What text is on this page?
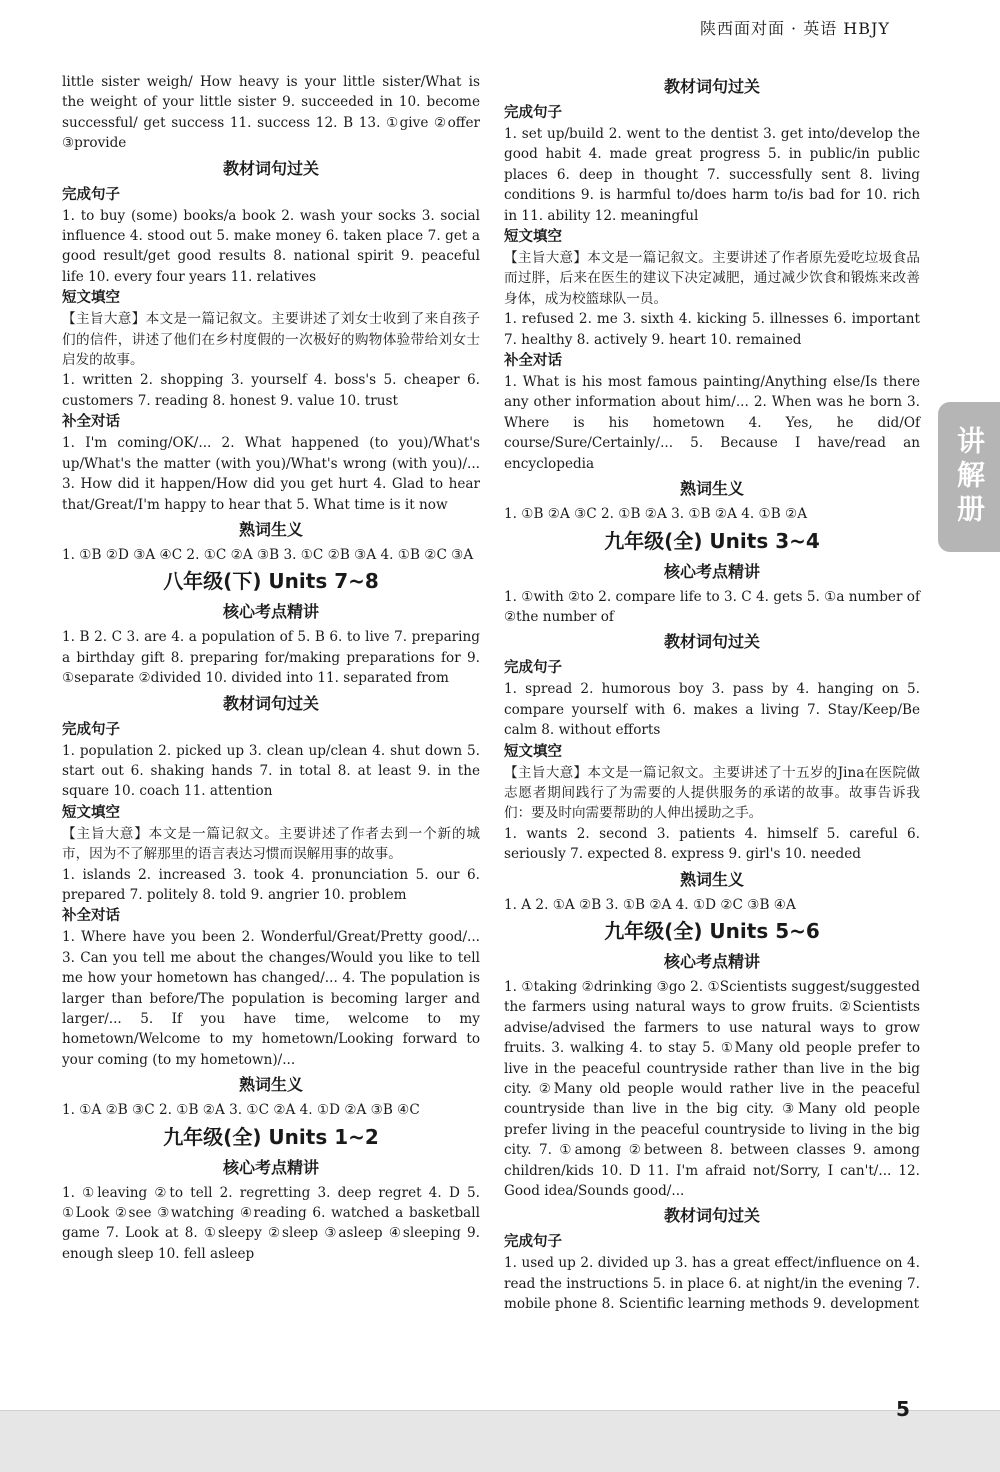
陕西面对面 · 英语 HBJY
讲解册
little sister weigh/ How heavy is your little sister/What is the weight of your little sister 9. succeeded in 10. become successful/ get success 11. success 12. B 13. ①give ②offer ③provide
教材词句过关
完成句子
1. to buy (some) books/a book 2. wash your socks 3. social influence 4. stood out 5. make money 6. taken place 7. get a good result/get good results 8. national spirit 9. peaceful life 10. every four years 11. relatives
短文填空
【主旨大意】本文是一篇记叙文。主要讲述了刘女士收到了来自孩子们的信件，讲述了他们在乡村度假的一次极好的购物体验带给刘女士启发的故事。
1. written 2. shopping 3. yourself 4. boss's 5. cheaper 6. customers 7. reading 8. honest 9. value 10. trust
补全对话
1. I'm coming/OK/... 2. What happened (to you)/What's up/What's the matter (with you)/What's wrong (with you)/... 3. How did it happen/How did you get hurt 4. Glad to hear that/Great/I'm happy to hear that 5. What time is it now
熟词生义
1. ①B ②D ③A ④C 2. ①C ②A ③B 3. ①C ②B ③A 4. ①B ②C ③A
八年级(下) Units 7~8
核心考点精讲
1. B 2. C 3. are 4. a population of 5. B 6. to live 7. preparing a birthday gift 8. preparing for/making preparations for 9. ①separate ②divided 10. divided into 11. separated from
教材词句过关
完成句子
1. population 2. picked up 3. clean up/clean 4. shut down 5. start out 6. shaking hands 7. in total 8. at least 9. in the square 10. coach 11. attention
短文填空
【主旨大意】本文是一篇记叙文。主要讲述了作者去到一个新的城市，因为不了解那里的语言表达习惯而误解用事的故事。
1. islands 2. increased 3. took 4. pronunciation 5. our 6. prepared 7. politely 8. told 9. angrier 10. problem
补全对话
1. Where have you been 2. Wonderful/Great/Pretty good/... 3. Can you tell me about the changes/Would you like to tell me how your hometown has changed/... 4. The population is larger than before/The population is becoming larger and larger/... 5. If you have time, welcome to my hometown/Welcome to my hometown/Looking forward to your coming (to my hometown)/...
熟词生义
1. ①A ②B ③C 2. ①B ②A 3. ①C ②A 4. ①D ②A ③B ④C
九年级(全) Units 1~2
核心考点精讲
1. ①leaving ②to tell 2. regretting 3. deep regret 4. D 5. ①Look ②see ③watching ④reading 6. watched a basketball game 7. Look at 8. ①sleepy ②sleep ③asleep ④sleeping 9. enough sleep 10. fell asleep
教材词句过关
完成句子
1. set up/build 2. went to the dentist 3. get into/develop the good habit 4. made great progress 5. in public/in public places 6. deep in thought 7. successfully sent 8. living conditions 9. is harmful to/does harm to/is bad for 10. rich in 11. ability 12. meaningful
短文填空
【主旨大意】本文是一篇记叙文。主要讲述了作者原先爱吃垃圾食品而过胖，后来在医生的建议下决定减肥，通过减少饮食和锻炼来改善身体，成为校篮球队一员。
1. refused 2. me 3. sixth 4. kicking 5. illnesses 6. important 7. healthy 8. actively 9. heart 10. remained
补全对话
1. What is his most famous painting/Anything else/Is there any other information about him/... 2. When was he born 3. Where is his hometown 4. Yes, he did/Of course/Sure/Certainly/... 5. Because I have/read an encyclopedia
熟词生义
1. ①B ②A ③C 2. ①B ②A 3. ①B ②A 4. ①B ②A
九年级(全) Units 3~4
核心考点精讲
1. ①with ②to 2. compare life to 3. C 4. gets 5. ①a number of ②the number of
教材词句过关
完成句子
1. spread 2. humorous boy 3. pass by 4. hanging on 5. compare yourself with 6. makes a living 7. Stay/Keep/Be calm 8. without efforts
短文填空
【主旨大意】本文是一篇记叙文。主要讲述了十五岁的Jina在医院做志愿者期间践行了为需要的人提供服务的承诺的故事。故事告诉我们：要及时向需要帮助的人伸出援助之手。
1. wants 2. second 3. patients 4. himself 5. careful 6. seriously 7. expected 8. express 9. girl's 10. needed
熟词生义
1. A 2. ①A ②B 3. ①B ②A 4. ①D ②C ③B ④A
九年级(全) Units 5~6
核心考点精讲
1. ①taking ②drinking ③go 2. ①Scientists suggest/suggested the farmers using natural ways to grow fruits. ②Scientists advise/advised the farmers to use natural ways to grow fruits. 3. walking 4. to stay 5. ①Many old people prefer to live in the peaceful countryside rather than live in the big city. ②Many old people would rather live in the peaceful countryside than live in the big city. ③Many old people prefer living in the peaceful countryside to living in the big city. 7. ①among ②between 8. between classes 9. among children/kids 10. D 11. I'm afraid not/Sorry, I can't/... 12. Good idea/Sounds good/...
教材词句过关
完成句子
1. used up 2. divided up 3. has a great effect/influence on 4. read the instructions 5. in place 6. at night/in the evening 7. mobile phone 8. Scientific learning methods 9. development
5
